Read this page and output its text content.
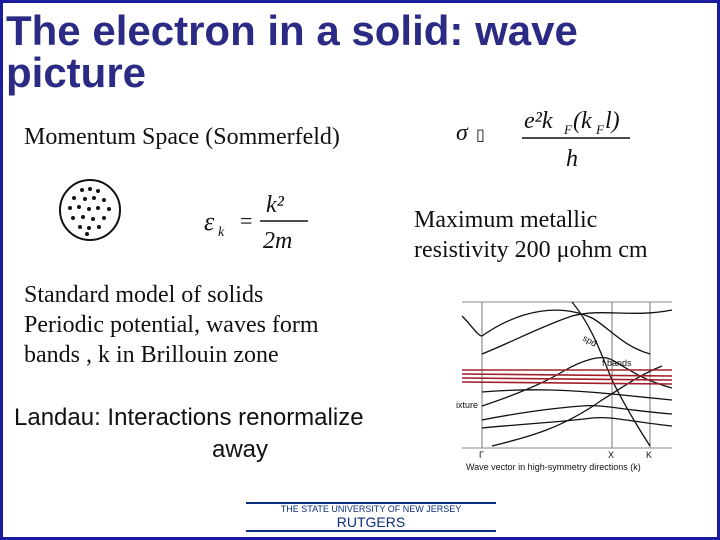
The electron in a solid: wave
picture
Momentum Space (Sommerfeld)	σ ▯
e²k F (k F l)
h
ε k =
k²
2m
Maximum metallic
resistivity 200 μohm cm
Standard model of solids
Periodic potential, waves form
bands , k in Brillouin zone
spd
f bands
ixture
Γ	X	K
Wave vector in high-symmetry directions (k)
Landau: Interactions renormalize
away
THE STATE UNIVERSITY OF NEW JERSEY
RUTGERS
